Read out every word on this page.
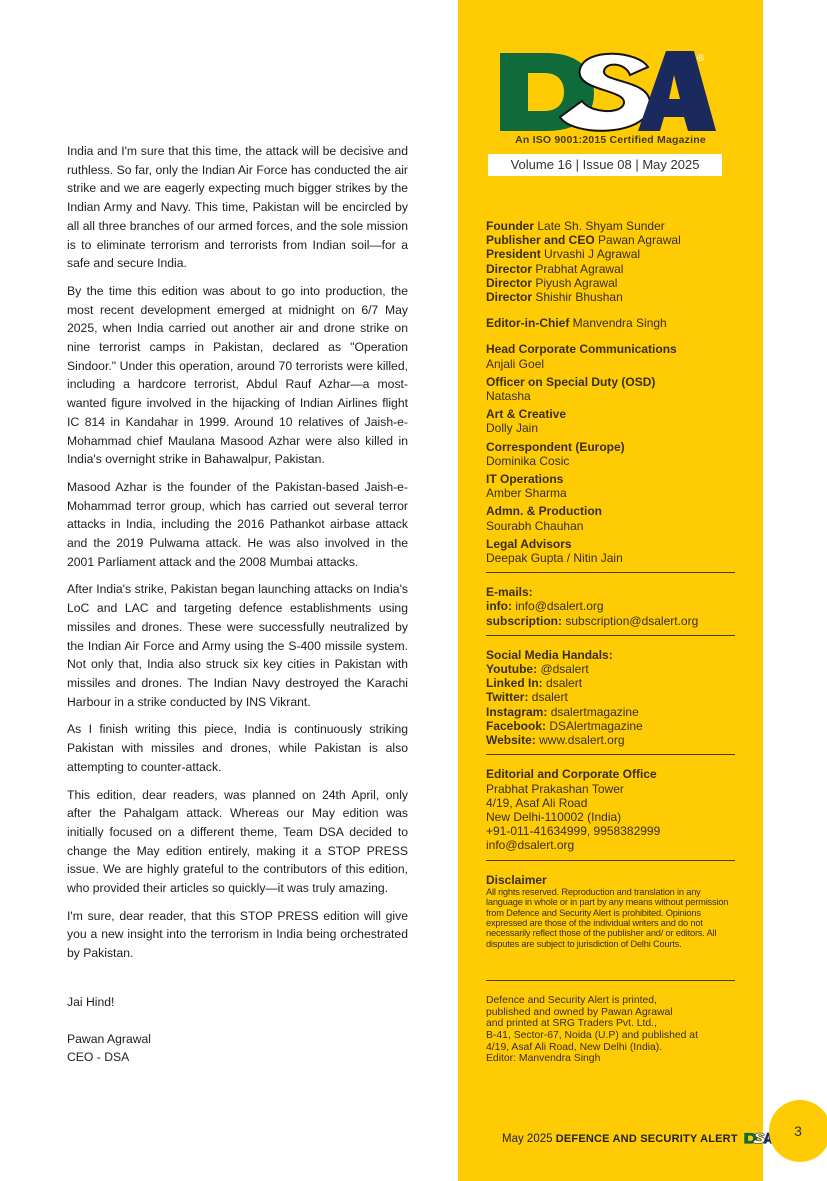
India and I'm sure that this time, the attack will be decisive and ruthless. So far, only the Indian Air Force has conducted the air strike and we are eagerly expecting much bigger strikes by the Indian Army and Navy. This time, Pakistan will be encircled by all all three branches of our armed forces, and the sole mission is to eliminate terrorism and terrorists from Indian soil—for a safe and secure India.

By the time this edition was about to go into production, the most recent development emerged at midnight on 6/7 May 2025, when India carried out another air and drone strike on nine terrorist camps in Pakistan, declared as "Operation Sindoor." Under this operation, around 70 terrorists were killed, including a hardcore terrorist, Abdul Rauf Azhar—a most-wanted figure involved in the hijacking of Indian Airlines flight IC 814 in Kandahar in 1999. Around 10 relatives of Jaish-e-Mohammad chief Maulana Masood Azhar were also killed in India's overnight strike in Bahawalpur, Pakistan.

Masood Azhar is the founder of the Pakistan-based Jaish-e-Mohammad terror group, which has carried out several terror attacks in India, including the 2016 Pathankot airbase attack and the 2019 Pulwama attack. He was also involved in the 2001 Parliament attack and the 2008 Mumbai attacks.

After India's strike, Pakistan began launching attacks on India's LoC and LAC and targeting defence establishments using missiles and drones. These were successfully neutralized by the Indian Air Force and Army using the S-400 missile system. Not only that, India also struck six key cities in Pakistan with missiles and drones. The Indian Navy destroyed the Karachi Harbour in a strike conducted by INS Vikrant.

As I finish writing this piece, India is continuously striking Pakistan with missiles and drones, while Pakistan is also attempting to counter-attack.

This edition, dear readers, was planned on 24th April, only after the Pahalgam attack. Whereas our May edition was initially focused on a different theme, Team DSA decided to change the May edition entirely, making it a STOP PRESS issue. We are highly grateful to the contributors of this edition, who provided their articles so quickly—it was truly amazing.

I'm sure, dear reader, that this STOP PRESS edition will give you a new insight into the terrorism in India being orchestrated by Pakistan.

Jai Hind!
Pawan Agrawal
CEO - DSA
®
An ISO 9001:2015 Certified Magazine
Volume 16 | Issue 08 | May 2025
Founder Late Sh. Shyam Sunder
Publisher and CEO Pawan Agrawal
President Urvashi J Agrawal
Director Prabhat Agrawal
Director Piyush Agrawal
Director Shishir Bhushan
Editor-in-Chief Manvendra Singh
Head Corporate Communications
Anjali Goel
Officer on Special Duty (OSD)
Natasha
Art & Creative
Dolly Jain
Correspondent (Europe)
Dominika Cosic
IT Operations
Amber Sharma
Admn. & Production
Sourabh Chauhan
Legal Advisors
Deepak Gupta / Nitin Jain
E-mails:
info: info@dsalert.org
subscription: subscription@dsalert.org
Social Media Handals:
Youtube: @dsalert
Linked In: dsalert
Twitter: dsalert
Instagram: dsalertmagazine
Facebook: DSAlertmagazine
Website: www.dsalert.org
Editorial and Corporate Office
Prabhat Prakashan Tower
4/19, Asaf Ali Road
New Delhi-110002 (India)
+91-011-41634999, 9958382999
info@dsalert.org
Disclaimer
All rights reserved. Reproduction and translation in any language in whole or in part by any means without permission from Defence and Security Alert is prohibited. Opinions expressed are those of the individual writers and do not necessarily reflect those of the publisher and/ or editors. All disputes are subject to jurisdiction of Delhi Courts.
Defence and Security Alert is printed,
published and owned by Pawan Agrawal
and printed at SRG Traders Pvt. Ltd.,
B-41, Sector-67, Noida (U.P) and published at
4/19, Asaf Ali Road, New Delhi (India).
Editor: Manvendra Singh
May 2025 DEFENCE AND SECURITY ALERT	3
